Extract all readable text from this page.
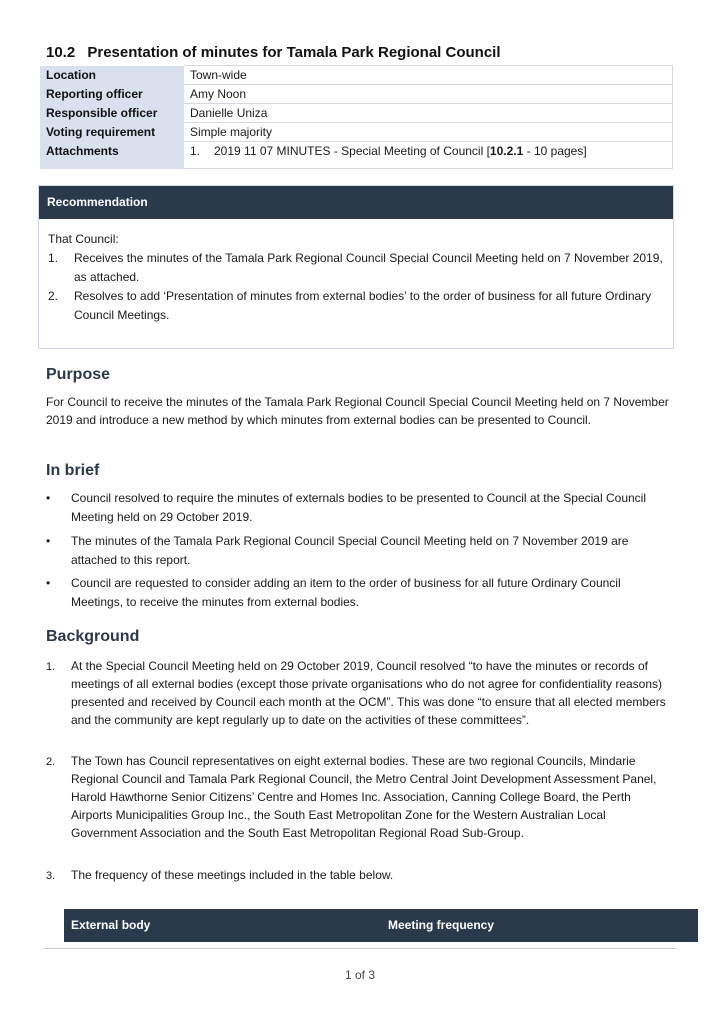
10.2 Presentation of minutes for Tamala Park Regional Council
Location	Town-wide
Reporting officer	Amy Noon
Responsible officer	Danielle Uniza
Voting requirement	Simple majority
Attachments	1. 2019 11 07 MINUTES - Special Meeting of Council [10.2.1 - 10 pages]
Recommendation
That Council:
1. Receives the minutes of the Tamala Park Regional Council Special Council Meeting held on 7 November 2019, as attached.
2. Resolves to add ‘Presentation of minutes from external bodies’ to the order of business for all future Ordinary Council Meetings.
Purpose
For Council to receive the minutes of the Tamala Park Regional Council Special Council Meeting held on 7 November 2019 and introduce a new method by which minutes from external bodies can be presented to Council.
In brief
•	Council resolved to require the minutes of externals bodies to be presented to Council at the Special Council Meeting held on 29 October 2019.
•	The minutes of the Tamala Park Regional Council Special Council Meeting held on 7 November 2019 are attached to this report.
•	Council are requested to consider adding an item to the order of business for all future Ordinary Council Meetings, to receive the minutes from external bodies.
Background
1.	At the Special Council Meeting held on 29 October 2019, Council resolved “to have the minutes or records of meetings of all external bodies (except those private organisations who do not agree for confidentiality reasons) presented and received by Council each month at the OCM”. This was done “to ensure that all elected members and the community are kept regularly up to date on the activities of these committees”.
2.	The Town has Council representatives on eight external bodies. These are two regional Councils, Mindarie Regional Council and Tamala Park Regional Council, the Metro Central Joint Development Assessment Panel, Harold Hawthorne Senior Citizens’ Centre and Homes Inc. Association, Canning College Board, the Perth Airports Municipalities Group Inc., the South East Metropolitan Zone for the Western Australian Local Government Association and the South East Metropolitan Regional Road Sub-Group.
3.	The frequency of these meetings included in the table below.
External body	Meeting frequency
1 of 3
